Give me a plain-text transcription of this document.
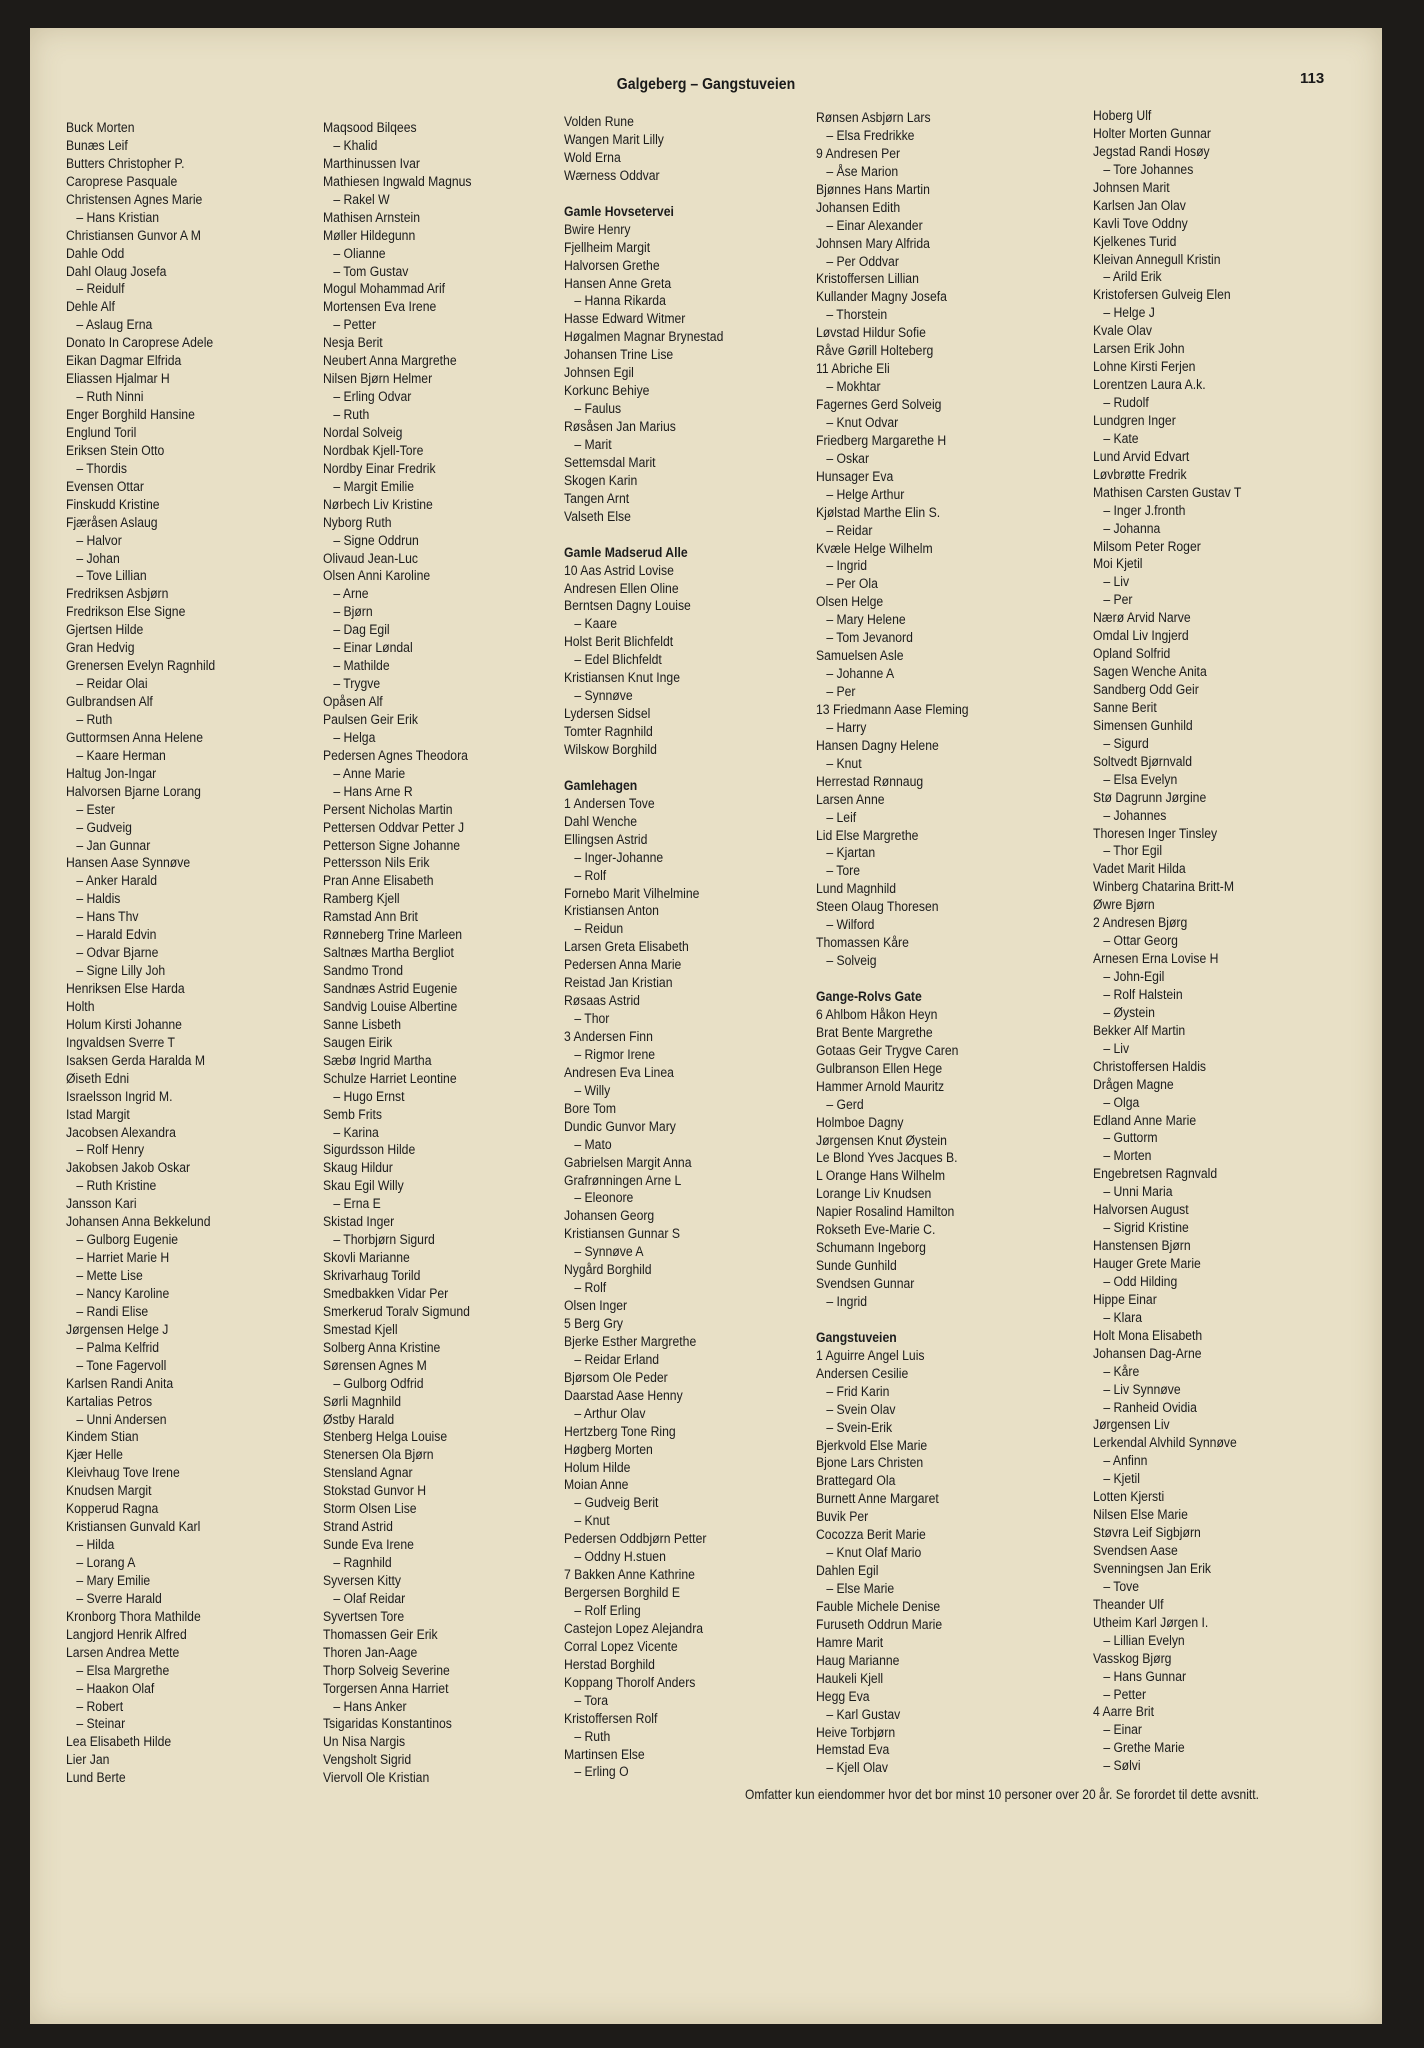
Galgeberg – Gangstuveien	113
Buck Morten
Bunæs Leif
Butters Christopher P.
Caroprese Pasquale
Christensen Agnes Marie
– Hans Kristian
Christiansen Gunvor A M
Dahle Odd
Dahl Olaug Josefa
– Reidulf
Dehle Alf
– Aslaug Erna
Donato In Caroprese Adele
Eikan Dagmar Elfrida
Eliassen Hjalmar H
– Ruth Ninni
Enger Borghild Hansine
Englund Toril
Eriksen Stein Otto
– Thordis
Evensen Ottar
Finskudd Kristine
Fjæråsen Aslaug
– Halvor
– Johan
– Tove Lillian
Fredriksen Asbjørn
Fredrikson Else Signe
Gjertsen Hilde
Gran Hedvig
Grenersen Evelyn Ragnhild
– Reidar Olai
Gulbrandsen Alf
– Ruth
Guttormsen Anna Helene
– Kaare Herman
Haltug Jon-Ingar
Halvorsen Bjarne Lorang
– Ester
– Gudveig
– Jan Gunnar
Hansen Aase Synnøve
– Anker Harald
– Haldis
– Hans Thv
– Harald Edvin
– Odvar Bjarne
– Signe Lilly Joh
Henriksen Else Harda
Holth
Holum Kirsti Johanne
Ingvaldsen Sverre T
Isaksen Gerda Haralda M
Øiseth Edni
Israelsson Ingrid M.
Istad Margit
Jacobsen Alexandra
– Rolf Henry
Jakobsen Jakob Oskar
– Ruth Kristine
Jansson Kari
Johansen Anna Bekkelund
– Gulborg Eugenie
– Harriet Marie H
– Mette Lise
– Nancy Karoline
– Randi Elise
Jørgensen Helge J
– Palma Kelfrid
– Tone Fagervoll
Karlsen Randi Anita
Kartalias Petros
– Unni Andersen
Kindem Stian
Kjær Helle
Kleivhaug Tove Irene
Knudsen Margit
Kopperud Ragna
Kristiansen Gunvald Karl
– Hilda
– Lorang A
– Mary Emilie
– Sverre Harald
Kronborg Thora Mathilde
Langjord Henrik Alfred
Larsen Andrea Mette
– Elsa Margrethe
– Haakon Olaf
– Robert
– Steinar
Lea Elisabeth Hilde
Lier Jan
Lund Berte
Maqsood Bilqees
– Khalid
Marthinussen Ivar
Mathiesen Ingwald Magnus
– Rakel W
Mathisen Arnstein
Møller Hildegunn
– Olianne
– Tom Gustav
Mogul Mohammad Arif
Mortensen Eva Irene
– Petter
Nesja Berit
Neubert Anna Margrethe
Nilsen Bjørn Helmer
– Erling Odvar
– Ruth
Nordal Solveig
Nordbak Kjell-Tore
Nordby Einar Fredrik
– Margit Emilie
Nørbech Liv Kristine
Nyborg Ruth
– Signe Oddrun
Olivaud Jean-Luc
Olsen Anni Karoline
– Arne
– Bjørn
– Dag Egil
– Einar Løndal
– Mathilde
– Trygve
Opåsen Alf
Paulsen Geir Erik
– Helga
Pedersen Agnes Theodora
– Anne Marie
– Hans Arne R
Persent Nicholas Martin
Pettersen Oddvar Petter J
Petterson Signe Johanne
Pettersson Nils Erik
Pran Anne Elisabeth
Ramberg Kjell
Ramstad Ann Brit
Rønneberg Trine Marleen
Saltnæs Martha Bergliot
Sandmo Trond
Sandnæs Astrid Eugenie
Sandvig Louise Albertine
Sanne Lisbeth
Saugen Eirik
Sæbø Ingrid Martha
Schulze Harriet Leontine
– Hugo Ernst
Semb Frits
– Karina
Sigurdsson Hilde
Skaug Hildur
Skau Egil Willy
– Erna E
Skistad Inger
– Thorbjørn Sigurd
Skovli Marianne
Skrivarhaug Torild
Smedbakken Vidar Per
Smerkerud Toralv Sigmund
Smestad Kjell
Solberg Anna Kristine
Sørensen Agnes M
– Gulborg Odfrid
Sørli Magnhild
Østby Harald
Stenberg Helga Louise
Stenersen Ola Bjørn
Stensland Agnar
Stokstad Gunvor H
Storm Olsen Lise
Strand Astrid
Sunde Eva Irene
– Ragnhild
Syversen Kitty
– Olaf Reidar
Syvertsen Tore
Thomassen Geir Erik
Thoren Jan-Aage
Thorp Solveig Severine
Torgersen Anna Harriet
– Hans Anker
Tsigaridas Konstantinos
Un Nisa Nargis
Vengsholt Sigrid
Viervoll Ole Kristian
Volden Rune
Wangen Marit Lilly
Wold Erna
Wærness Oddvar
Gamle Hovsetervei
Bwire Henry
Fjellheim Margit
Halvorsen Grethe
Hansen Anne Greta
– Hanna Rikarda
Hasse Edward Witmer
Høgalmen Magnar Brynestad
Johansen Trine Lise
Johnsen Egil
Korkunc Behiye
– Faulus
Røsåsen Jan Marius
– Marit
Settemsdal Marit
Skogen Karin
Tangen Arnt
Valseth Else
Gamle Madserud Alle
10 Aas Astrid Lovise
Andresen Ellen Oline
Berntsen Dagny Louise
– Kaare
Holst Berit Blichfeldt
– Edel Blichfeldt
Kristiansen Knut Inge
– Synnøve
Lydersen Sidsel
Tomter Ragnhild
Wilskow Borghild
Gamlehagen
1 Andersen Tove
Dahl Wenche
Ellingsen Astrid
– Inger-Johanne
– Rolf
Fornebo Marit Vilhelmine
Kristiansen Anton
– Reidun
Larsen Greta Elisabeth
Pedersen Anna Marie
Reistad Jan Kristian
Røsaas Astrid
– Thor
3 Andersen Finn
– Rigmor Irene
Andresen Eva Linea
– Willy
Bore Tom
Dundic Gunvor Mary
– Mato
Gabrielsen Margit Anna
Grafrønningen Arne L
– Eleonore
Johansen Georg
Kristiansen Gunnar S
– Synnøve A
Nygård Borghild
– Rolf
Olsen Inger
5 Berg Gry
Bjerke Esther Margrethe
– Reidar Erland
Bjørsom Ole Peder
Daarstad Aase Henny
– Arthur Olav
Hertzberg Tone Ring
Høgberg Morten
Holum Hilde
Moian Anne
– Gudveig Berit
– Knut
Pedersen Oddbjørn Petter
– Oddny H.stuen
7 Bakken Anne Kathrine
Bergersen Borghild E
– Rolf Erling
Castejon Lopez Alejandra
Corral Lopez Vicente
Herstad Borghild
Koppang Thorolf Anders
– Tora
Kristoffersen Rolf
– Ruth
Martinsen Else
– Erling O
Rønsen Asbjørn Lars
– Elsa Fredrikke
9 Andresen Per
– Åse Marion
Bjønnes Hans Martin
Johansen Edith
– Einar Alexander
Johnsen Mary Alfrida
– Per Oddvar
Kristoffersen Lillian
Kullander Magny Josefa
– Thorstein
Løvstad Hildur Sofie
Råve Gørill Holteberg
11 Abriche Eli
– Mokhtar
Fagernes Gerd Solveig
– Knut Odvar
Friedberg Margarethe H
– Oskar
Hunsager Eva
– Helge Arthur
Kjølstad Marthe Elin S.
– Reidar
Kvæle Helge Wilhelm
– Ingrid
– Per Ola
Olsen Helge
– Mary Helene
– Tom Jevanord
Samuelsen Asle
– Johanne A
– Per
13 Friedmann Aase Fleming
– Harry
Hansen Dagny Helene
– Knut
Herrestad Rønnaug
Larsen Anne
– Leif
Lid Else Margrethe
– Kjartan
– Tore
Lund Magnhild
Steen Olaug Thoresen
– Wilford
Thomassen Kåre
– Solveig
Gange-Rolvs Gate
6 Ahlbom Håkon Heyn
Brat Bente Margrethe
Gotaas Geir Trygve Caren
Gulbranson Ellen Hege
Hammer Arnold Mauritz
– Gerd
Holmboe Dagny
Jørgensen Knut Øystein
Le Blond Yves Jacques B.
L Orange Hans Wilhelm
Lorange Liv Knudsen
Napier Rosalind Hamilton
Rokseth Eve-Marie C.
Schumann Ingeborg
Sunde Gunhild
Svendsen Gunnar
– Ingrid
Gangstuveien
1 Aguirre Angel Luis
Andersen Cesilie
– Frid Karin
– Svein Olav
– Svein-Erik
Bjerkvold Else Marie
Bjone Lars Christen
Brattegard Ola
Burnett Anne Margaret
Buvik Per
Cocozza Berit Marie
– Knut Olaf Mario
Dahlen Egil
– Else Marie
Fauble Michele Denise
Furuseth Oddrun Marie
Hamre Marit
Haug Marianne
Haukeli Kjell
Hegg Eva
– Karl Gustav
Heive Torbjørn
Hemstad Eva
– Kjell Olav
Hoberg Ulf
Holter Morten Gunnar
Jegstad Randi Hosøy
– Tore Johannes
Johnsen Marit
Karlsen Jan Olav
Kavli Tove Oddny
Kjelkenes Turid
Kleivan Annegull Kristin
– Arild Erik
Kristofersen Gulveig Elen
– Helge J
Kvale Olav
Larsen Erik John
Lohne Kirsti Ferjen
Lorentzen Laura A.k.
– Rudolf
Lundgren Inger
– Kate
Lund Arvid Edvart
Løvbrøtte Fredrik
Mathisen Carsten Gustav T
– Inger J.fronth
– Johanna
Milsom Peter Roger
Moi Kjetil
– Liv
– Per
Nærø Arvid Narve
Omdal Liv Ingjerd
Opland Solfrid
Sagen Wenche Anita
Sandberg Odd Geir
Sanne Berit
Simensen Gunhild
– Sigurd
Soltvedt Bjørnvald
– Elsa Evelyn
Stø Dagrunn Jørgine
– Johannes
Thoresen Inger Tinsley
– Thor Egil
Vadet Marit Hilda
Winberg Chatarina Britt-M
Øwre Bjørn
2 Andresen Bjørg
– Ottar Georg
Arnesen Erna Lovise H
– John-Egil
– Rolf Halstein
– Øystein
Bekker Alf Martin
– Liv
Christoffersen Haldis
Drågen Magne
– Olga
Edland Anne Marie
– Guttorm
– Morten
Engebretsen Ragnvald
– Unni Maria
Halvorsen August
– Sigrid Kristine
Hanstensen Bjørn
Hauger Grete Marie
– Odd Hilding
Hippe Einar
– Klara
Holt Mona Elisabeth
Johansen Dag-Arne
– Kåre
– Liv Synnøve
– Ranheid Ovidia
Jørgensen Liv
Lerkendal Alvhild Synnøve
– Anfinn
– Kjetil
Lotten Kjersti
Nilsen Else Marie
Støvra Leif Sigbjørn
Svendsen Aase
Svenningsen Jan Erik
– Tove
Theander Ulf
Utheim Karl Jørgen I.
– Lillian Evelyn
Vasskog Bjørg
– Hans Gunnar
– Petter
4 Aarre Brit
– Einar
– Grethe Marie
– Sølvi
Omfatter kun eiendommer hvor det bor minst 10 personer over 20 år. Se forordet til dette avsnitt.
